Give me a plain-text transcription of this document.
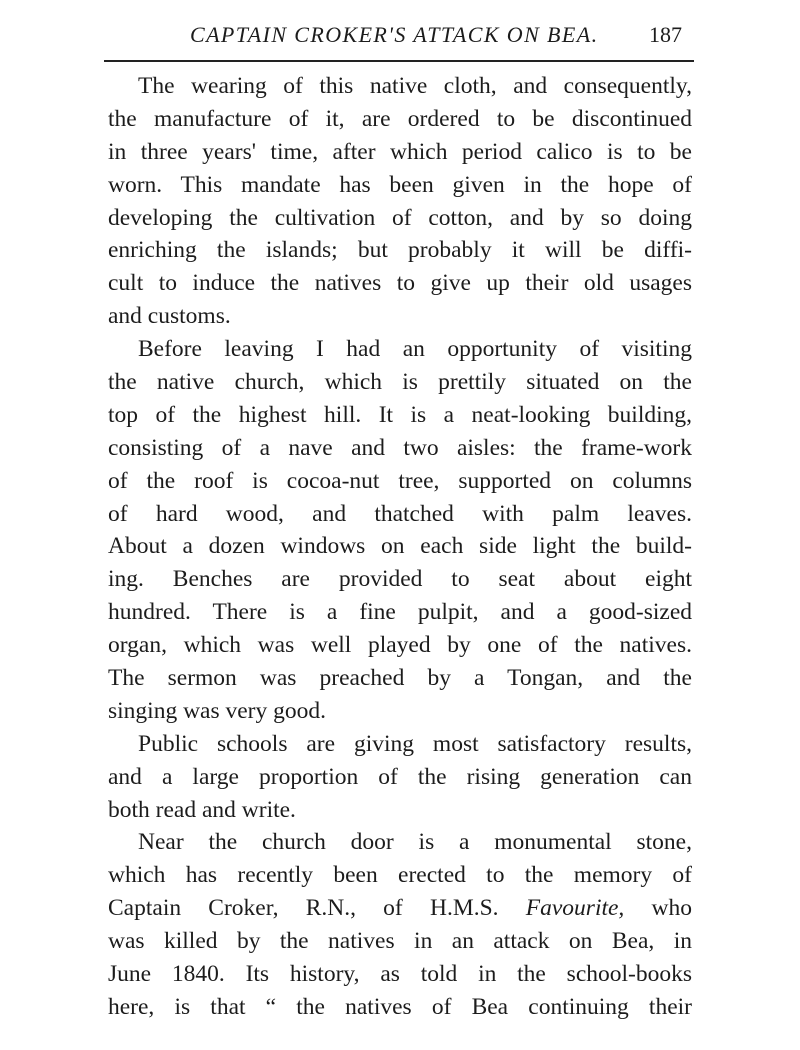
CAPTAIN CROKER'S ATTACK ON BEA. 187
The wearing of this native cloth, and consequently,
the manufacture of it, are ordered to be discontinued
in three years' time, after which period calico is to be
worn. This mandate has been given in the hope of
developing the cultivation of cotton, and by so doing
enriching the islands; but probably it will be diffi-
cult to induce the natives to give up their old usages
and customs.
Before leaving I had an opportunity of visiting
the native church, which is prettily situated on the
top of the highest hill. It is a neat-looking building,
consisting of a nave and two aisles: the frame-work
of the roof is cocoa-nut tree, supported on columns
of hard wood, and thatched with palm leaves.
About a dozen windows on each side light the build-
ing. Benches are provided to seat about eight
hundred. There is a fine pulpit, and a good-sized
organ, which was well played by one of the natives.
The sermon was preached by a Tongan, and the
singing was very good.
Public schools are giving most satisfactory results,
and a large proportion of the rising generation can
both read and write.
Near the church door is a monumental stone,
which has recently been erected to the memory of
Captain Croker, R.N., of H.M.S. Favourite, who
was killed by the natives in an attack on Bea, in
June 1840. Its history, as told in the school-books
here, is that “ the natives of Bea continuing their
